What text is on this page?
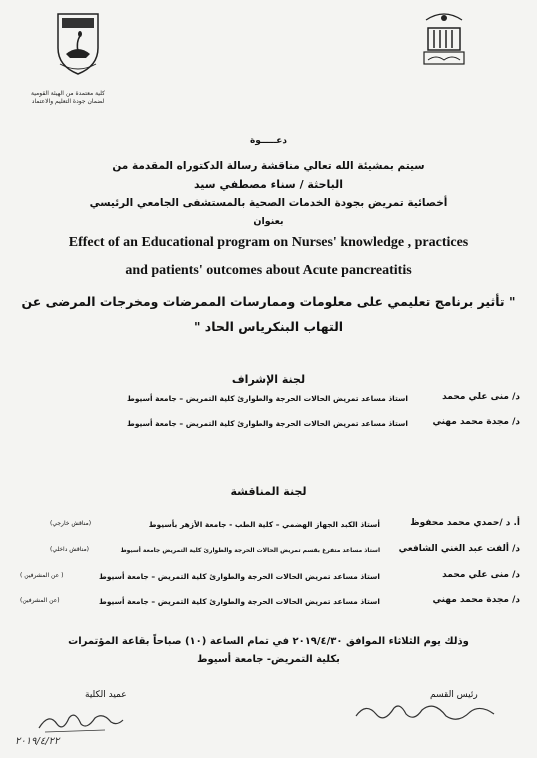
كلية معتمدة من الهيئة القومية
لضمان جودة التعليم والاعتماد
دعـــــوة
سيتم بمشيئة الله تعالي مناقشة رسالة الدكتوراه المقدمة من
الباحثة / سناء مصطفي سيد
أخصائية تمريض بجودة الخدمات الصحية بالمستشفى الجامعي الرئيسي
بعنوان
Effect of an Educational program on Nurses' knowledge , practices
and patients' outcomes about Acute pancreatitis
" تأثير برنامج تعليمي على معلومات وممارسات الممرضات ومخرجات المرضى عن
التهاب البنكرياس الحاد "
لجنة الإشراف
د/ منى علي محمد
استاذ مساعد تمريض الحالات الحرجة والطوارئ كلية التمريض – جامعة أسيوط
د/ مجدة محمد مهني
استاذ مساعد تمريض الحالات الحرجة والطوارئ كلية التمريض – جامعة أسيوط
لجنة المناقشة
أ. د /حمدي محمد محفوظ
أستاذ الكبد الجهاز الهضمي – كلية الطب - جامعة الأزهر بأسيوط
(مناقش خارجي)
د/ ألفت عبد الغني الشافعي
استاذ مساعد متفرغ بقسم تمريض الحالات الحرجة والطوارئ كلية التمريض جامعة أسيوط
(مناقش داخلي)
د/ منى علي محمد
استاذ مساعد تمريض الحالات الحرجة والطوارئ كلية التمريض – جامعة أسيوط
( عن المشرفين )
د/ مجدة محمد مهني
استاذ مساعد تمريض الحالات الحرجة والطوارئ كلية التمريض – جامعة أسيوط
(عن المشرفين)
وذلك يوم الثلاثاء الموافق ٢٠١٩/٤/٣٠ في تمام الساعة (١٠) صباحاً بقاعة المؤتمرات
بكلية التمريض- جامعة أسيوط
عميد الكلية	رئيس القسم
٢٠١٩/٤/٢٢
